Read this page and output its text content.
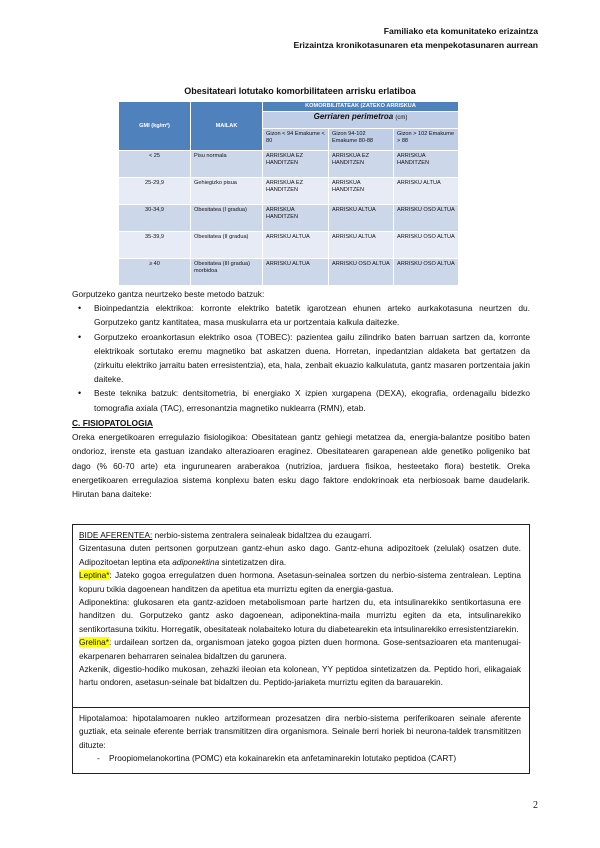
Familiako eta komunitateko erizaintza
Erizaintza kronikotasunaren eta menpekotasunaren aurrean
Obesitateari lotutako komorbilitateen arrisku erlatiboa
GMI (kg/m²)	MAILAK	KOMORBILITATEAK (ZATEKO ARRISKUA		
		Gerriaren perimetroa (cm)		
		Gizon < 94 Emakume < 80	Gizon 94-102 Emakume 80-88	Gizon > 102 Emakume > 88
< 25	Pisu normala	ARRISKUA EZ HANDITZEN	ARRISKUA EZ HANDITZEN	ARRISKUA HANDITZEN
25-29,9	Gehiegizko pisua	ARRISKUA EZ HANDITZEN	ARRISKUA HANDITZEN	ARRISKU ALTUA
30-34,9	Obesitatea (I gradua)	ARRISKUA HANDITZEN	ARRISKU ALTUA	ARRISKU OSO ALTUA
35-39,9	Obesitatea (II gradua)	ARRISKU ALTUA	ARRISKU ALTUA	ARRISKU OSO ALTUA
≥ 40	Obesitatea (III gradua) morbidoa	ARRISKU ALTUA	ARRISKU OSO ALTUA	ARRISKU OSO ALTUA
Gorputzeko gantza neurtzeko beste metodo batzuk:
• Bioinpedantzia elektrikoa: korronte elektriko batetik igarotzean ehunen arteko aurkakotasuna neurtzen du. Gorputzeko gantz kantitatea, masa muskularra eta ur portzentaia kalkula daitezke.
• Gorputzeko eroankortasun elektriko osoa (TOBEC): pazientea gailu zilindriko baten barruan sartzen da, korronte elektrikoak sortutako eremu magnetiko bat askatzen duena. Horretan, inpedantzian aldaketa bat gertatzen da (zirkuitu elektriko jarraitu baten erresistentzia), eta, hala, zenbait ekuazio kalkulatuta, gantz masaren portzentaia jakin daiteke.
• Beste teknika batzuk: dentsitometria, bi energiako X izpien xurgapena (DEXA), ekografia, ordenagailu bidezko tomografia axiala (TAC), erresonantzia magnetiko nuklearra (RMN), etab.
C. FISIOPATOLOGIA
Oreka energetikoaren erregulazio fisiologikoa: Obesitatean gantz gehiegi metatzea da, energia-balantze positibo baten ondorioz, irenste eta gastuan izandako alterazioaren eraginez. Obesitatearen garapenean alde genetiko poligeniko bat dago (% 60-70 arte) eta ingurunearen araberakoa (nutrizioa, jarduera fisikoa, hesteetako flora) bestetik. Oreka energetikoaren erregulazioa sistema konplexu baten esku dago faktore endokrinoak eta nerbiosoak bame daudelarik. Hirutan bana daiteke:
BIDE AFERENTEA: nerbio-sistema zentralera seinaleak bidaltzea du ezaugarri.
Gizentasuna duten pertsonen gorputzean gantz-ehun asko dago. Gantz-ehuna adipozitoek (zelulak) osatzen dute. Adipozitoetan leptina eta adiponektina sintetizatzen dira.
Leptina*: Jateko gogoa erregulatzen duen hormona. Asetasun-seinalea sortzen du nerbio-sistema zentralean. Leptina kopuru txikia dagoenean handitzen da apetitua eta murriztu egiten da energia-gastua.
Adiponektina: glukosaren eta gantz-azidoen metabolismoan parte hartzen du, eta intsulinarekiko sentikortasuna ere handitzen du. Gorputzeko gantz asko dagoenean, adiponektina-maila murriztu egiten da eta, intsulinarekiko sentikortasuna txikitu. Horregatik, obesitateak nolabaiteko lotura du diabetearekin eta intsulinarekiko erresistentziarekin.
Grelina*: urdailean sortzen da, organismoan jateko gogoa pizten duen hormona. Gose-sentsazioaren eta mantenugai-ekarpenaren beharraren seinalea bidaltzen du garunera.
Azkenik, digestio-hodiko mukosan, zehazki ileoian eta kolonean, YY peptidoa sintetizatzen da. Peptido hori, elikagaiak hartu ondoren, asetasun-seinale bat bidaltzen du. Peptido-jariaketa murriztu egiten da barauarekin.
Hipotalamoa: hipotalamoaren nukleo artziformean prozesatzen dira nerbio-sistema periferikoaren seinale aferente guztiak, eta seinale eferente berriak transmititzen dira organismora. Seinale berri horiek bi neurona-taldek transmititzen dituzte:
- Proopiomelanokortina (POMC) eta kokainarekin eta anfetaminarekin lotutako peptidoa (CART)
2
